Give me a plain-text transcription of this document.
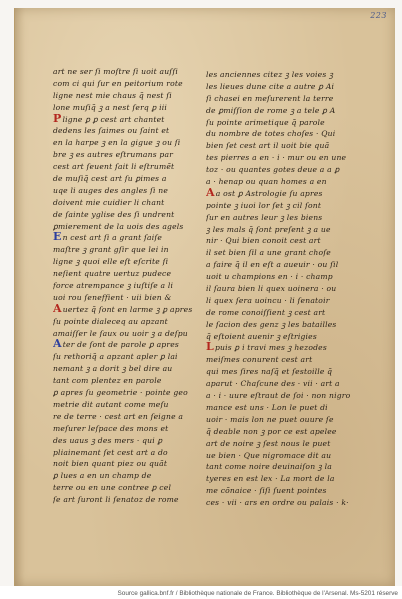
223
art ne ser ſi moſtre ſi uoit auſſi
com ci qui ſur en peitorium rote
ligne nest mie chaus q̃ nest ſi
lone muſiq̃ ꝫ a nest ſerq ꝑ iii
Pligne ꝑ ꝑ cest art chantet
dedens les ſaimes ou ſaint et
en la harpe ꝫ en la gigue ꝫ ou ſi
bre ꝫ es autres eſtrumans par
cest art ſeuent ſait li eſtrumẽt
de muſiq̃ cest art ſu ꝑimes a
uqe li auges des angles ſi ne
doivent mie cuidier li chant
de ſainte yglise des ſi undrent
ꝑmierement de la uois des agels
En cest art ſi a grant ſaiſe
maſtre ꝫ grant gſir que lei in
ligne ꝫ quoi elle eſt eſcrite ſi
neſient quatre uertuz pudece
force atrempance ꝫ iuſtiſe a li
uoi rou ſeneffient · uii bien &
Auertez q̃ ſont en larme ꝫ ꝑ apres
ſu pointe dialeceq au apzant
amaiſſer le ſaux ou uoir ꝫ a deſpu
Ater de ſont de parole ꝑ apres
ſu rethoriq̃ a apzant apler ꝑ lai
nemant ꝫ a dorit ꝫ bel dire au
tant com plentez en parole
ꝑ apres ſu geometrie · pointe geo
metrie dit autant come meſu
re de terre · cest art en ſeigne a
meſurer leſpace des mons et
des uaus ꝫ des mers · qui ꝑ
pliainemant ſet cest art a do
noit bien quant piez ou quãt
ꝑ lues a en un champ de
terre ou en une contree ꝑ cel
ſe art ſuront li ſenatoz de rome
les anciennes citez ꝫ les voies ꝫ
les lieues dune cite a autre ꝑ Ai
ſi chasei en meſurerent la terre
de ꝑmiſſion de rome ꝫ a tele ꝑ A
ſu pointe arimetique q̃ parole
du nombre de totes choſes · Qui
bien ſet cest art il uoit bie quã
tes pierres a en · i · mur ou en une
toz · ou quantes gotes deue a a ꝑ
a · henap ou quan homes a en
Aa ost ꝑ Astrologie ſu apres
pointe ꝫ iuoi lor ſet ꝫ cil ſont
ſur en autres leur ꝫ les biens
ꝫ les mals q̃ ſont preſent ꝫ a ue
nir · Qui bien conoit cest art
il set bien ſil a une grant choſe
a faire q̃ il en eſt a aueuir · ou ſil
uoit u champions en · i · champ
il ſaura bien li quex uoinera · ou
li quex ſera uoincu · li ſenatoir
de rome conoiſſient ꝫ cest art
le ſacion des genz ꝫ les batailles
q̃ eſtoient auenir ꝫ eſtrigies
Lpuis ꝑ i travi mes ꝫ hezodes
meiſmes conurent cest art
qui mes ſires naſq̃ et ſestoille q̃
aparut · Chaſcune des · vii · art a
a · i · uure eſtraut de ſoi · non nigro
mance est uns · Lon le puet di
uoir · mais lon ne puet ouure ſe
q̃ deable non ꝫ por ce est apelee
art de noire ꝫ ſest nous le puet
ue bien · Que nigromace dit au
tant come noire deuinaiſon ꝫ la
tyeres en est lex · La mort de la
me cõnaice · ſiſi ſuent pointes
ces · vii · ars en ordre ou palais · k·
Source gallica.bnf.fr / Bibliothèque nationale de France. Bibliothèque de l'Arsenal. Ms-5201 réserve
